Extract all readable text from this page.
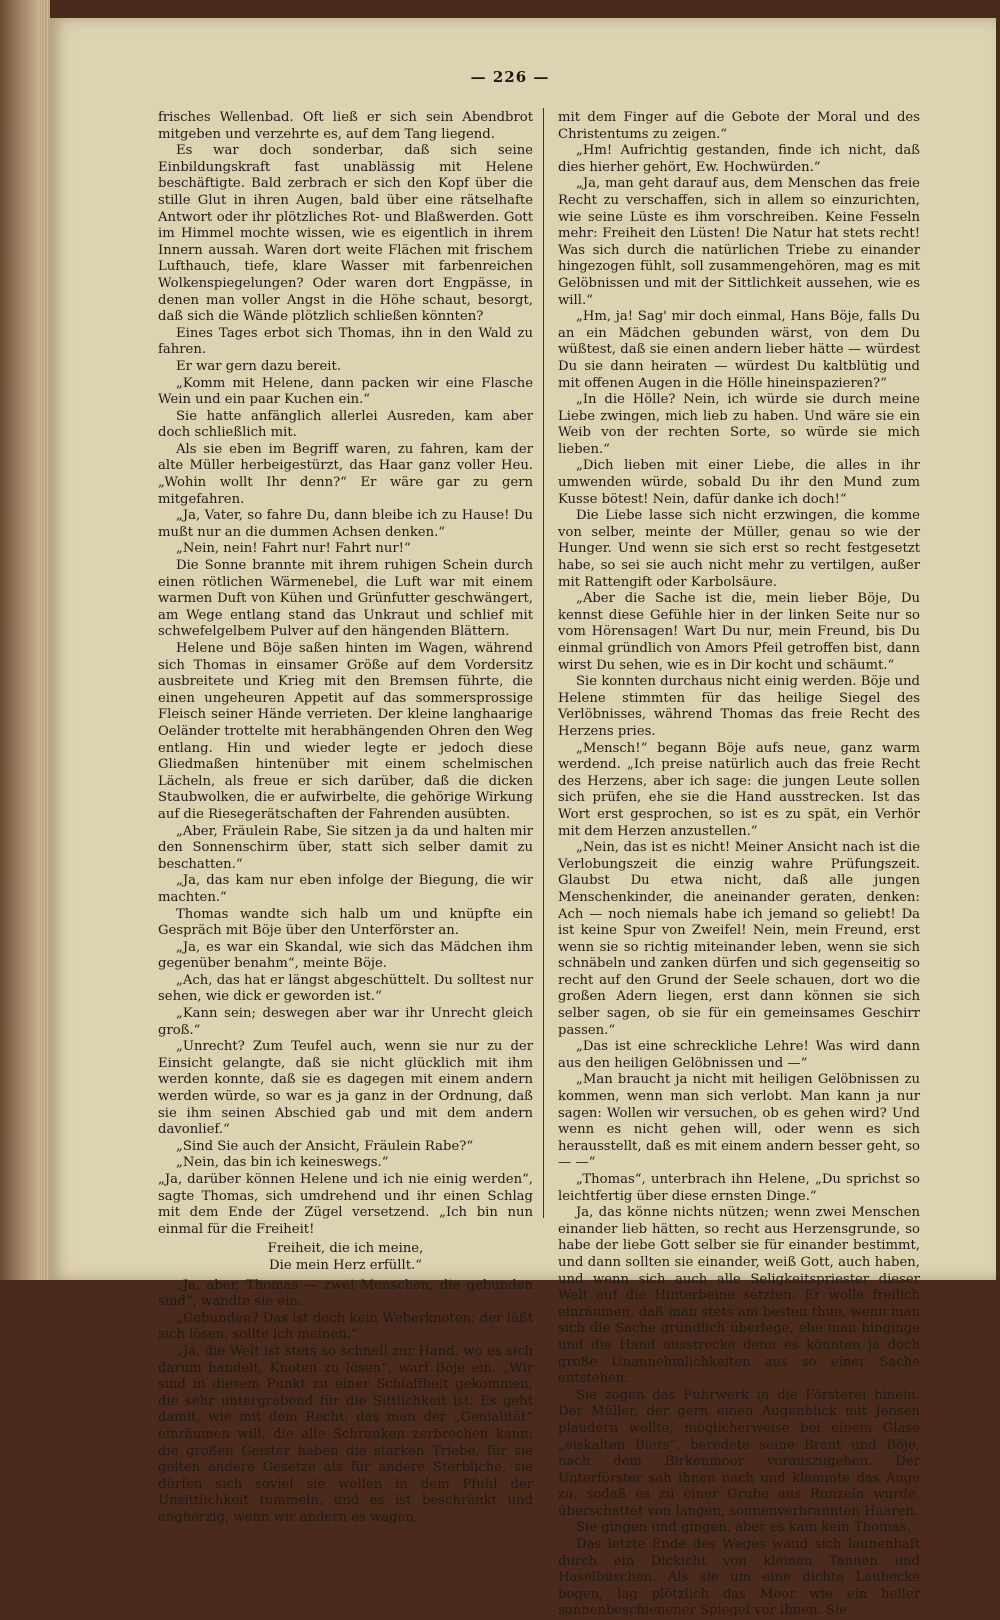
— 226 —

frisches Wellenbad. Oft ließ er sich sein Abendbrot mitgeben und verzehrte es, auf dem Tang liegend.

Es war doch sonderbar, daß sich seine Einbildungskraft fast unablässig mit Helene beschäftigte. Bald zerbrach er sich den Kopf über die stille Glut in ihren Augen, bald über eine rätselhafte Antwort oder ihr plötzliches Rot- und Blaßwerden. Gott im Himmel mochte wissen, wie es eigentlich in ihrem Innern aussah. Waren dort weite Flächen mit frischem Lufthauch, tiefe, klare Wasser mit farbenreichen Wolkenspiegelungen? Oder waren dort Engpässe, in denen man voller Angst in die Höhe schaut, besorgt, daß sich die Wände plötzlich schließen könnten?

Eines Tages erbot sich Thomas, ihn in den Wald zu fahren.

Er war gern dazu bereit.

„Komm mit Helene, dann packen wir eine Flasche Wein und ein paar Kuchen ein.“

Sie hatte anfänglich allerlei Ausreden, kam aber doch schließlich mit.

Als sie eben im Begriff waren, zu fahren, kam der alte Müller herbeigestürzt, das Haar ganz voller Heu. „Wohin wollt Ihr denn?“ Er wäre gar zu gern mitgefahren.

„Ja, Vater, so fahre Du, dann bleibe ich zu Hause! Du mußt nur an die dummen Achsen denken.“

„Nein, nein! Fahrt nur! Fahrt nur!“

Die Sonne brannte mit ihrem ruhigen Schein durch einen rötlichen Wärmenebel, die Luft war mit einem warmen Duft von Kühen und Grünfutter geschwängert, am Wege entlang stand das Unkraut und schlief mit schwefelgelbem Pulver auf den hängenden Blättern.

Helene und Böje saßen hinten im Wagen, während sich Thomas in einsamer Größe auf dem Vordersitz ausbreitete und Krieg mit den Bremsen führte, die einen ungeheuren Appetit auf das sommersprossige Fleisch seiner Hände verrieten. Der kleine langhaarige Oeländer trottelte mit herabhängenden Ohren den Weg entlang. Hin und wieder legte er jedoch diese Gliedmaßen hintenüber mit einem schelmischen Lächeln, als freue er sich darüber, daß die dicken Staubwolken, die er aufwirbelte, die gehörige Wirkung auf die Riesegerätschaften der Fahrenden ausübten.

„Aber, Fräulein Rabe, Sie sitzen ja da und halten mir den Sonnenschirm über, statt sich selber damit zu beschatten.“

„Ja, das kam nur eben infolge der Biegung, die wir machten.“

Thomas wandte sich halb um und knüpfte ein Gespräch mit Böje über den Unterförster an.

„Ja, es war ein Skandal, wie sich das Mädchen ihm gegenüber benahm“, meinte Böje.

„Ach, das hat er längst abgeschüttelt. Du solltest nur sehen, wie dick er geworden ist.“

„Kann sein; deswegen aber war ihr Unrecht gleich groß.“

„Unrecht? Zum Teufel auch, wenn sie nur zu der Einsicht gelangte, daß sie nicht glücklich mit ihm werden konnte, daß sie es dagegen mit einem andern werden würde, so war es ja ganz in der Ordnung, daß sie ihm seinen Abschied gab und mit dem andern davonlief.“

„Sind Sie auch der Ansicht, Fräulein Rabe?“

„Nein, das bin ich keineswegs.“

„Ja, darüber können Helene und ich nie einig werden“, sagte Thomas, sich umdrehend und ihr einen Schlag mit dem Ende der Zügel versetzend. „Ich bin nun einmal für die Freiheit!

Freiheit, die ich meine,
Die mein Herz erfüllt.“

„Ja, aber, Thomas — zwei Menschen, die gebunden sind“, wandte sie ein.

„Gebunden? Das ist doch kein Weberknoten; der läßt sich lösen, sollte ich meinen.“

„Ja, die Welt ist stets so schnell zur Hand, wo es sich darum handelt, Knoten zu lösen“, warf Böje ein. „Wir sind in diesem Punkt zu einer Schlaffheit gekommen, die sehr untergrabend für die Sittlichkeit ist. Es geht damit, wie mit dem Recht, das man der „Genialität“ einräumen will, die alle Schranken zerbrechen kann: die großen Geister haben die starken Triebe, für sie gelten andere Gesetze als für andere Sterbliche, sie dürfen sich soviel sie wollen in dem Pfuhl der Unsittlichkeit tummeln, und es ist beschränkt und engherzig, wenn wir andern es wagen,

mit dem Finger auf die Gebote der Moral und des Christentums zu zeigen.“

„Hm! Aufrichtig gestanden, finde ich nicht, daß dies hierher gehört, Ew. Hochwürden.“

„Ja, man geht darauf aus, dem Menschen das freie Recht zu verschaffen, sich in allem so einzurichten, wie seine Lüste es ihm vorschreiben. Keine Fesseln mehr: Freiheit den Lüsten! Die Natur hat stets recht! Was sich durch die natürlichen Triebe zu einander hingezogen fühlt, soll zusammengehören, mag es mit Gelöbnissen und mit der Sittlichkeit aussehen, wie es will.“

„Hm, ja! Sag' mir doch einmal, Hans Böje, falls Du an ein Mädchen gebunden wärst, von dem Du wüßtest, daß sie einen andern lieber hätte — würdest Du sie dann heiraten — würdest Du kaltblütig und mit offenen Augen in die Hölle hineinspazieren?“

„In die Hölle? Nein, ich würde sie durch meine Liebe zwingen, mich lieb zu haben. Und wäre sie ein Weib von der rechten Sorte, so würde sie mich lieben.“

„Dich lieben mit einer Liebe, die alles in ihr umwenden würde, sobald Du ihr den Mund zum Kusse bötest! Nein, dafür danke ich doch!“

Die Liebe lasse sich nicht erzwingen, die komme von selber, meinte der Müller, genau so wie der Hunger. Und wenn sie sich erst so recht festgesetzt habe, so sei sie auch nicht mehr zu vertilgen, außer mit Rattengift oder Karbolsäure.

„Aber die Sache ist die, mein lieber Böje, Du kennst diese Gefühle hier in der linken Seite nur so vom Hörensagen! Wart Du nur, mein Freund, bis Du einmal gründlich von Amors Pfeil getroffen bist, dann wirst Du sehen, wie es in Dir kocht und schäumt.“

Sie konnten durchaus nicht einig werden. Böje und Helene stimmten für das heilige Siegel des Verlöbnisses, während Thomas das freie Recht des Herzens pries.

„Mensch!“ begann Böje aufs neue, ganz warm werdend. „Ich preise natürlich auch das freie Recht des Herzens, aber ich sage: die jungen Leute sollen sich prüfen, ehe sie die Hand ausstrecken. Ist das Wort erst gesprochen, so ist es zu spät, ein Verhör mit dem Herzen anzustellen.“

„Nein, das ist es nicht! Meiner Ansicht nach ist die Verlobungszeit die einzig wahre Prüfungszeit. Glaubst Du etwa nicht, daß alle jungen Menschenkinder, die aneinander geraten, denken: Ach — noch niemals habe ich jemand so geliebt! Da ist keine Spur von Zweifel! Nein, mein Freund, erst wenn sie so richtig miteinander leben, wenn sie sich schnäbeln und zanken dürfen und sich gegenseitig so recht auf den Grund der Seele schauen, dort wo die großen Adern liegen, erst dann können sie sich selber sagen, ob sie für ein gemeinsames Geschirr passen.“

„Das ist eine schreckliche Lehre! Was wird dann aus den heiligen Gelöbnissen und —“

„Man braucht ja nicht mit heiligen Gelöbnissen zu kommen, wenn man sich verlobt. Man kann ja nur sagen: Wollen wir versuchen, ob es gehen wird? Und wenn es nicht gehen will, oder wenn es sich herausstellt, daß es mit einem andern besser geht, so — —“

„Thomas“, unterbrach ihn Helene, „Du sprichst so leichtfertig über diese ernsten Dinge.“

Ja, das könne nichts nützen; wenn zwei Menschen einander lieb hätten, so recht aus Herzensgrunde, so habe der liebe Gott selber sie für einander bestimmt, und dann sollten sie einander, weiß Gott, auch haben, und wenn sich auch alle Seligkeitspriester dieser Welt auf die Hinterbeine setzten. Er wolle freilich einräumen, daß man stets am besten thue, wenn man sich die Sache gründlich überlege, ehe man hinginge und die Hand ausstrecke denn es könnten ja doch große Unannehmlichkeiten aus so einer Sache entstehen.

Sie zogen das Fuhrwerk in die Försterei hinein. Der Müller, der gern einen Augenblick mit Jensen plaudern wollte, möglicherweise bei einem Glase „eiskalten Biers“, beredete seine Braut und Böje, nach dem Birkenmoor vorauszugehen. Der Unterförster sah ihnen nach und klemmte das Auge zu, sodaß es zu einer Grube aus Runzeln wurde, überschattet von langen, sonnenverbrannten Haaren.

Sie gingen und gingen, aber es kam kein Thomas.

Das letzte Ende des Weges wand sich launenhaft durch ein Dickicht von kleinen Tannen und Haselbüschen. Als sie um eine dichte Laubecke bogen, lag plötzlich das Moor wie ein heller sonnenbeschienener Spiegel vor ihnen. Sie
